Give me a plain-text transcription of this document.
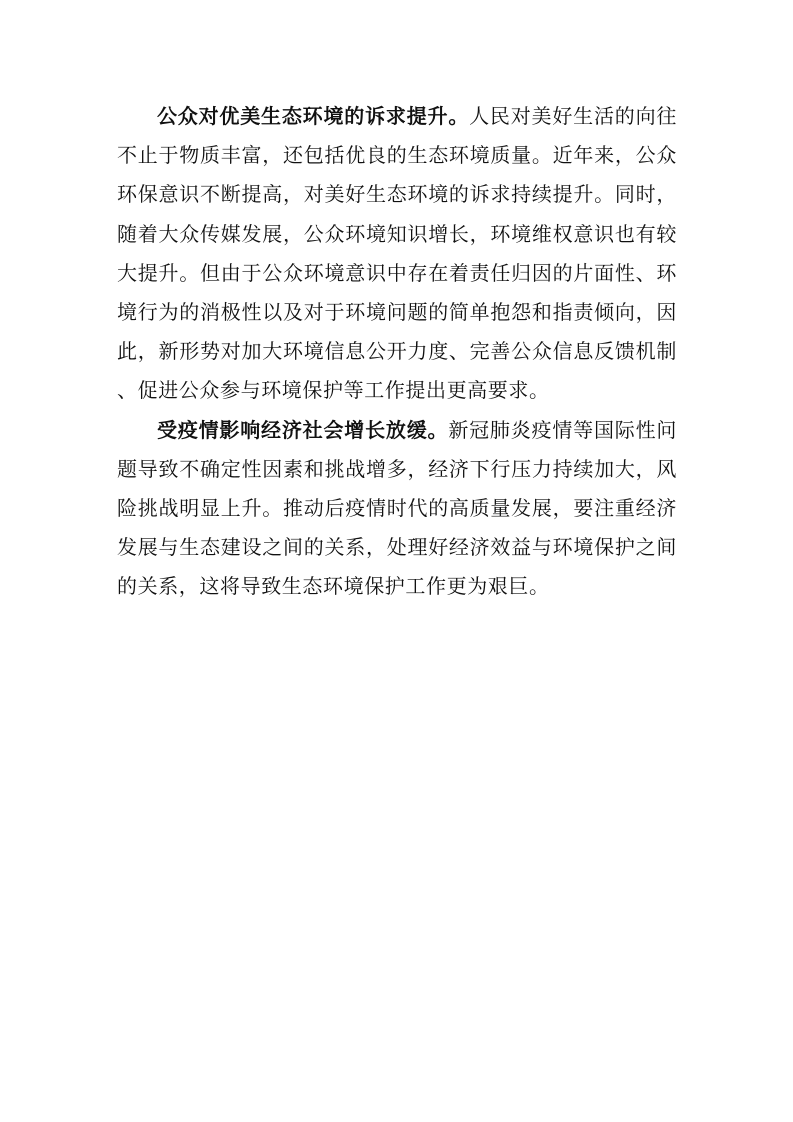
公众对优美生态环境的诉求提升。人民对美好生活的向往不止于物质丰富，还包括优良的生态环境质量。近年来，公众环保意识不断提高，对美好生态环境的诉求持续提升。同时，随着大众传媒发展，公众环境知识增长，环境维权意识也有较大提升。但由于公众环境意识中存在着责任归因的片面性、环境行为的消极性以及对于环境问题的简单抱怨和指责倾向，因此，新形势对加大环境信息公开力度、完善公众信息反馈机制、促进公众参与环境保护等工作提出更高要求。

受疫情影响经济社会增长放缓。新冠肺炎疫情等国际性问题导致不确定性因素和挑战增多，经济下行压力持续加大，风险挑战明显上升。推动后疫情时代的高质量发展，要注重经济发展与生态建设之间的关系，处理好经济效益与环境保护之间的关系，这将导致生态环境保护工作更为艰巨。
